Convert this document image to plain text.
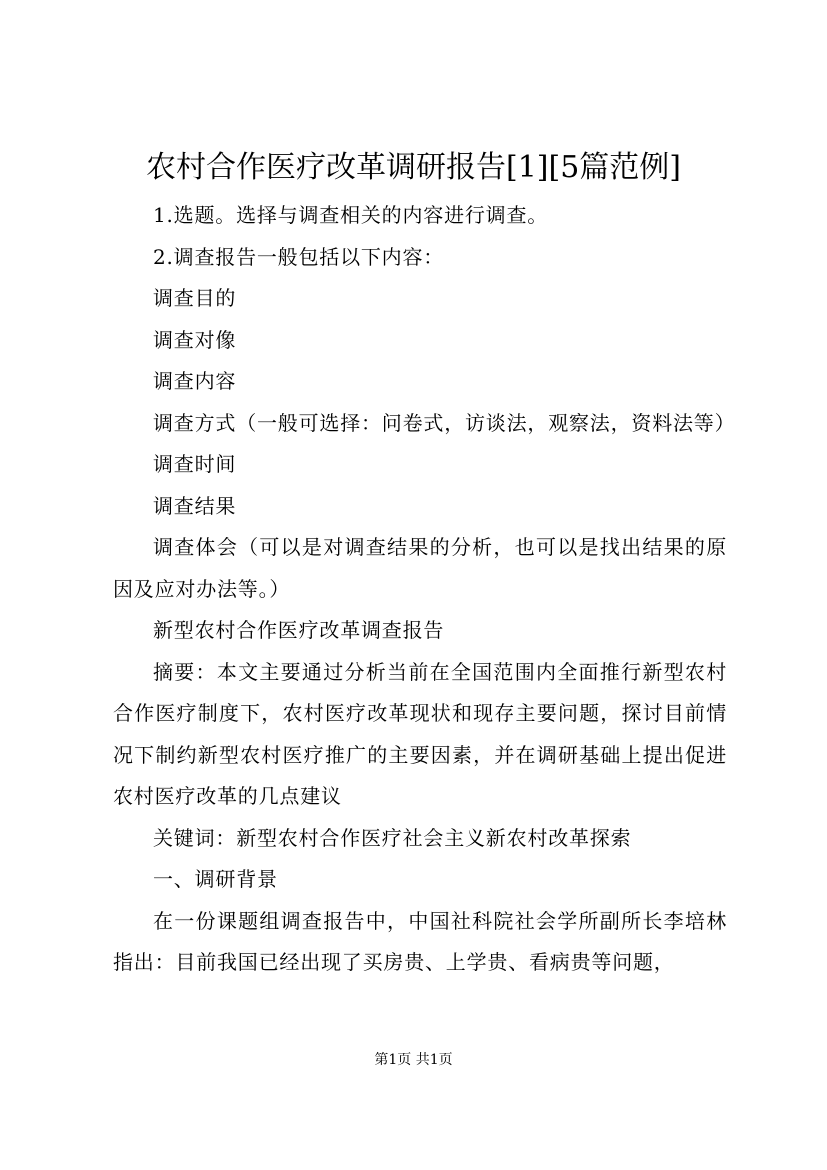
农村合作医疗改革调研报告[1][5篇范例]

1.选题。选择与调查相关的内容进行调查。

2.调查报告一般包括以下内容：

调查目的

调查对像

调查内容

调查方式（一般可选择：问卷式，访谈法，观察法，资料法等）

调查时间

调查结果

调查体会（可以是对调查结果的分析，也可以是找出结果的原因及应对办法等。）

新型农村合作医疗改革调查报告

摘要：本文主要通过分析当前在全国范围内全面推行新型农村合作医疗制度下，农村医疗改革现状和现存主要问题，探讨目前情况下制约新型农村医疗推广的主要因素，并在调研基础上提出促进农村医疗改革的几点建议

关键词：新型农村合作医疗社会主义新农村改革探索

一、调研背景

在一份课题组调查报告中，中国社科院社会学所副所长李培林指出：目前我国已经出现了买房贵、上学贵、看病贵等问题，

第1页 共1页
